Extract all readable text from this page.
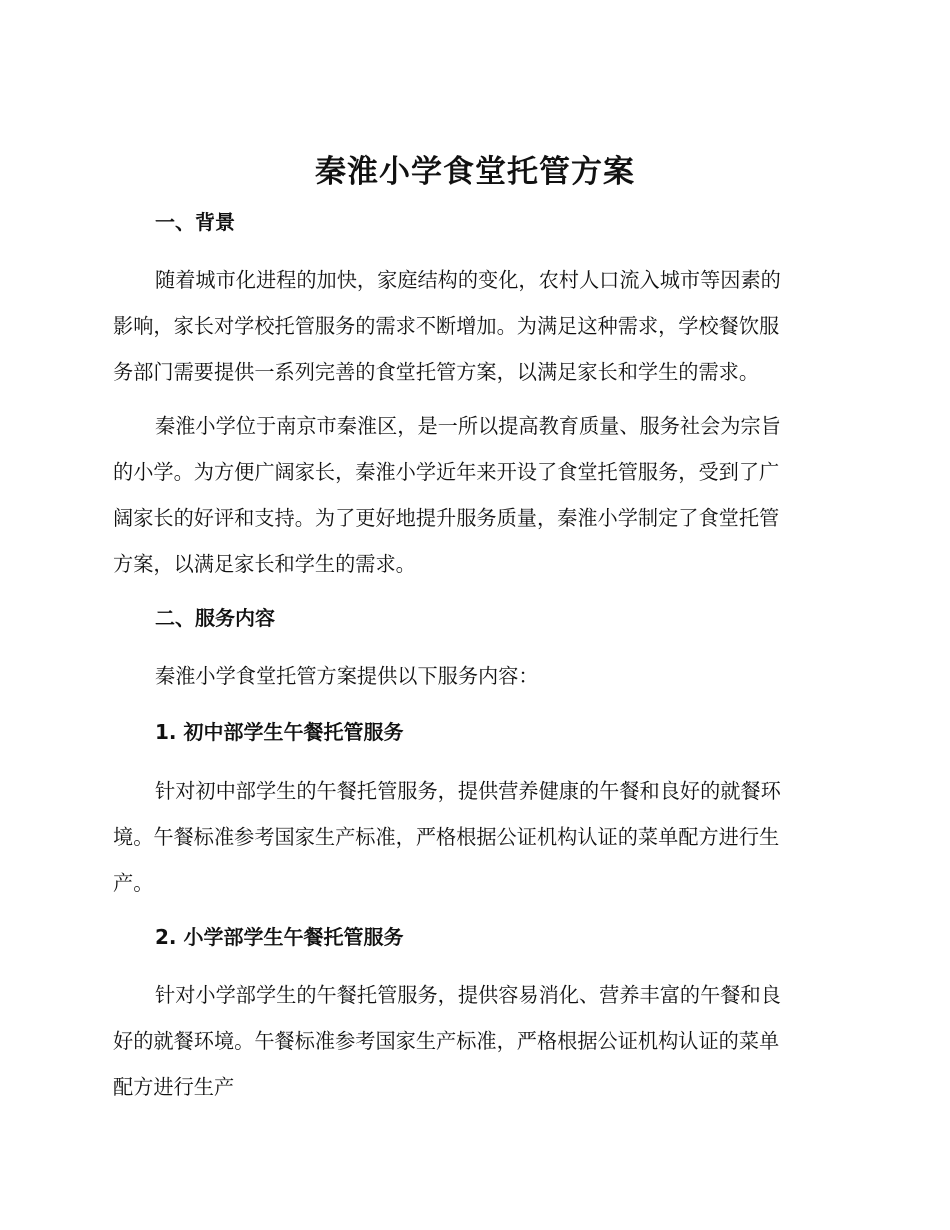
秦淮小学食堂托管方案
一、背景
随着城市化进程的加快，家庭结构的变化，农村人口流入城市等因素的
影响，家长对学校托管服务的需求不断增加。为满足这种需求，学校餐饮服
务部门需要提供一系列完善的食堂托管方案，以满足家长和学生的需求。
秦淮小学位于南京市秦淮区，是一所以提高教育质量、服务社会为宗旨
的小学。为方便广阔家长，秦淮小学近年来开设了食堂托管服务，受到了广
阔家长的好评和支持。为了更好地提升服务质量，秦淮小学制定了食堂托管
方案，以满足家长和学生的需求。
二、服务内容
秦淮小学食堂托管方案提供以下服务内容：
1. 初中部学生午餐托管服务
针对初中部学生的午餐托管服务，提供营养健康的午餐和良好的就餐环
境。午餐标准参考国家生产标准，严格根据公证机构认证的菜单配方进行生
产。
2. 小学部学生午餐托管服务
针对小学部学生的午餐托管服务，提供容易消化、营养丰富的午餐和良
好的就餐环境。午餐标准参考国家生产标准，严格根据公证机构认证的菜单
配方进行生产
